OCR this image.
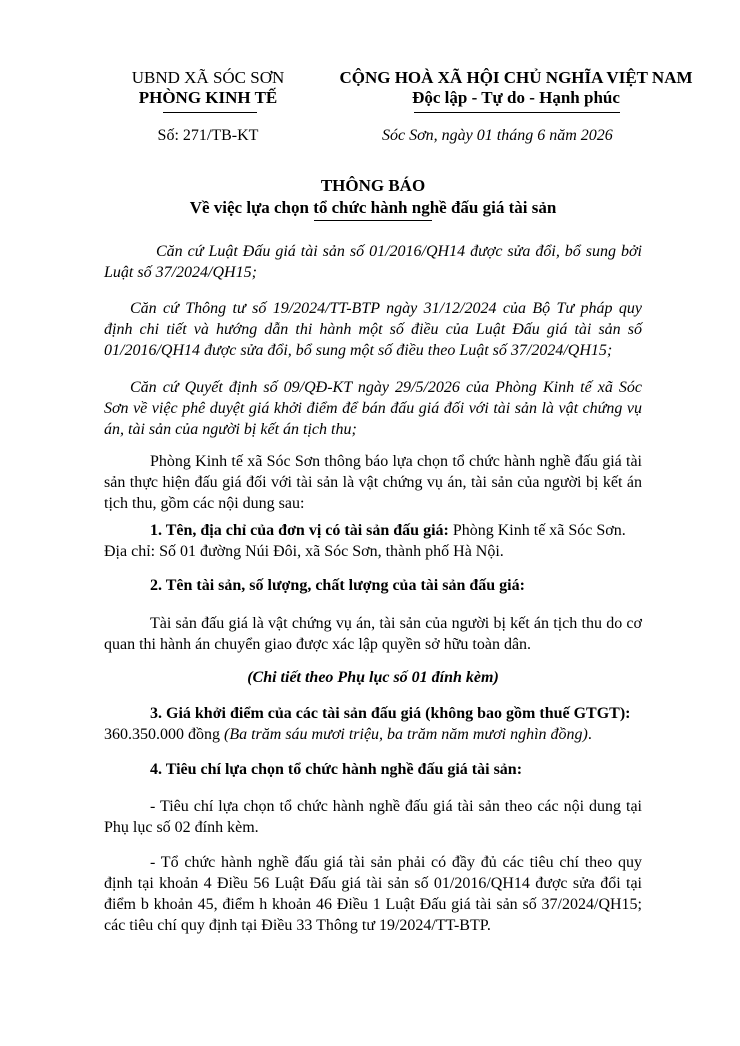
UBND XÃ SÓC SƠN
PHÒNG KINH TẾ
CỘNG HOÀ XÃ HỘI CHỦ NGHĨA VIỆT NAM
Độc lập - Tự do - Hạnh phúc
Số: 271/TB-KT	Sóc Sơn, ngày 01 tháng 6 năm 2026
THÔNG BÁO
Về việc lựa chọn tổ chức hành nghề đấu giá tài sản
Căn cứ Luật Đấu giá tài sản số 01/2016/QH14 được sửa đổi, bổ sung bởi Luật số 37/2024/QH15;
Căn cứ Thông tư số 19/2024/TT-BTP ngày 31/12/2024 của Bộ Tư pháp quy định chi tiết và hướng dẫn thi hành một số điều của Luật Đấu giá tài sản số 01/2016/QH14 được sửa đổi, bổ sung một số điều theo Luật số 37/2024/QH15;
Căn cứ Quyết định số 09/QĐ-KT ngày 29/5/2026 của Phòng Kinh tế xã Sóc Sơn về việc phê duyệt giá khởi điểm để bán đấu giá đối với tài sản là vật chứng vụ án, tài sản của người bị kết án tịch thu;
Phòng Kinh tế xã Sóc Sơn thông báo lựa chọn tổ chức hành nghề đấu giá tài sản thực hiện đấu giá đối với tài sản là vật chứng vụ án, tài sản của người bị kết án tịch thu, gồm các nội dung sau:
1. Tên, địa chỉ của đơn vị có tài sản đấu giá: Phòng Kinh tế xã Sóc Sơn.
Địa chỉ: Số 01 đường Núi Đôi, xã Sóc Sơn, thành phố Hà Nội.
2. Tên tài sản, số lượng, chất lượng của tài sản đấu giá:
Tài sản đấu giá là vật chứng vụ án, tài sản của người bị kết án tịch thu do cơ quan thi hành án chuyển giao được xác lập quyền sở hữu toàn dân.
(Chi tiết theo Phụ lục số 01 đính kèm)
3. Giá khởi điểm của các tài sản đấu giá (không bao gồm thuế GTGT):
360.350.000 đồng (Ba trăm sáu mươi triệu, ba trăm năm mươi nghìn đồng).
4. Tiêu chí lựa chọn tổ chức hành nghề đấu giá tài sản:
- Tiêu chí lựa chọn tổ chức hành nghề đấu giá tài sản theo các nội dung tại Phụ lục số 02 đính kèm.
- Tổ chức hành nghề đấu giá tài sản phải có đầy đủ các tiêu chí theo quy định tại khoản 4 Điều 56 Luật Đấu giá tài sản số 01/2016/QH14 được sửa đổi tại điểm b khoản 45, điểm h khoản 46 Điều 1 Luật Đấu giá tài sản số 37/2024/QH15; các tiêu chí quy định tại Điều 33 Thông tư 19/2024/TT-BTP.
